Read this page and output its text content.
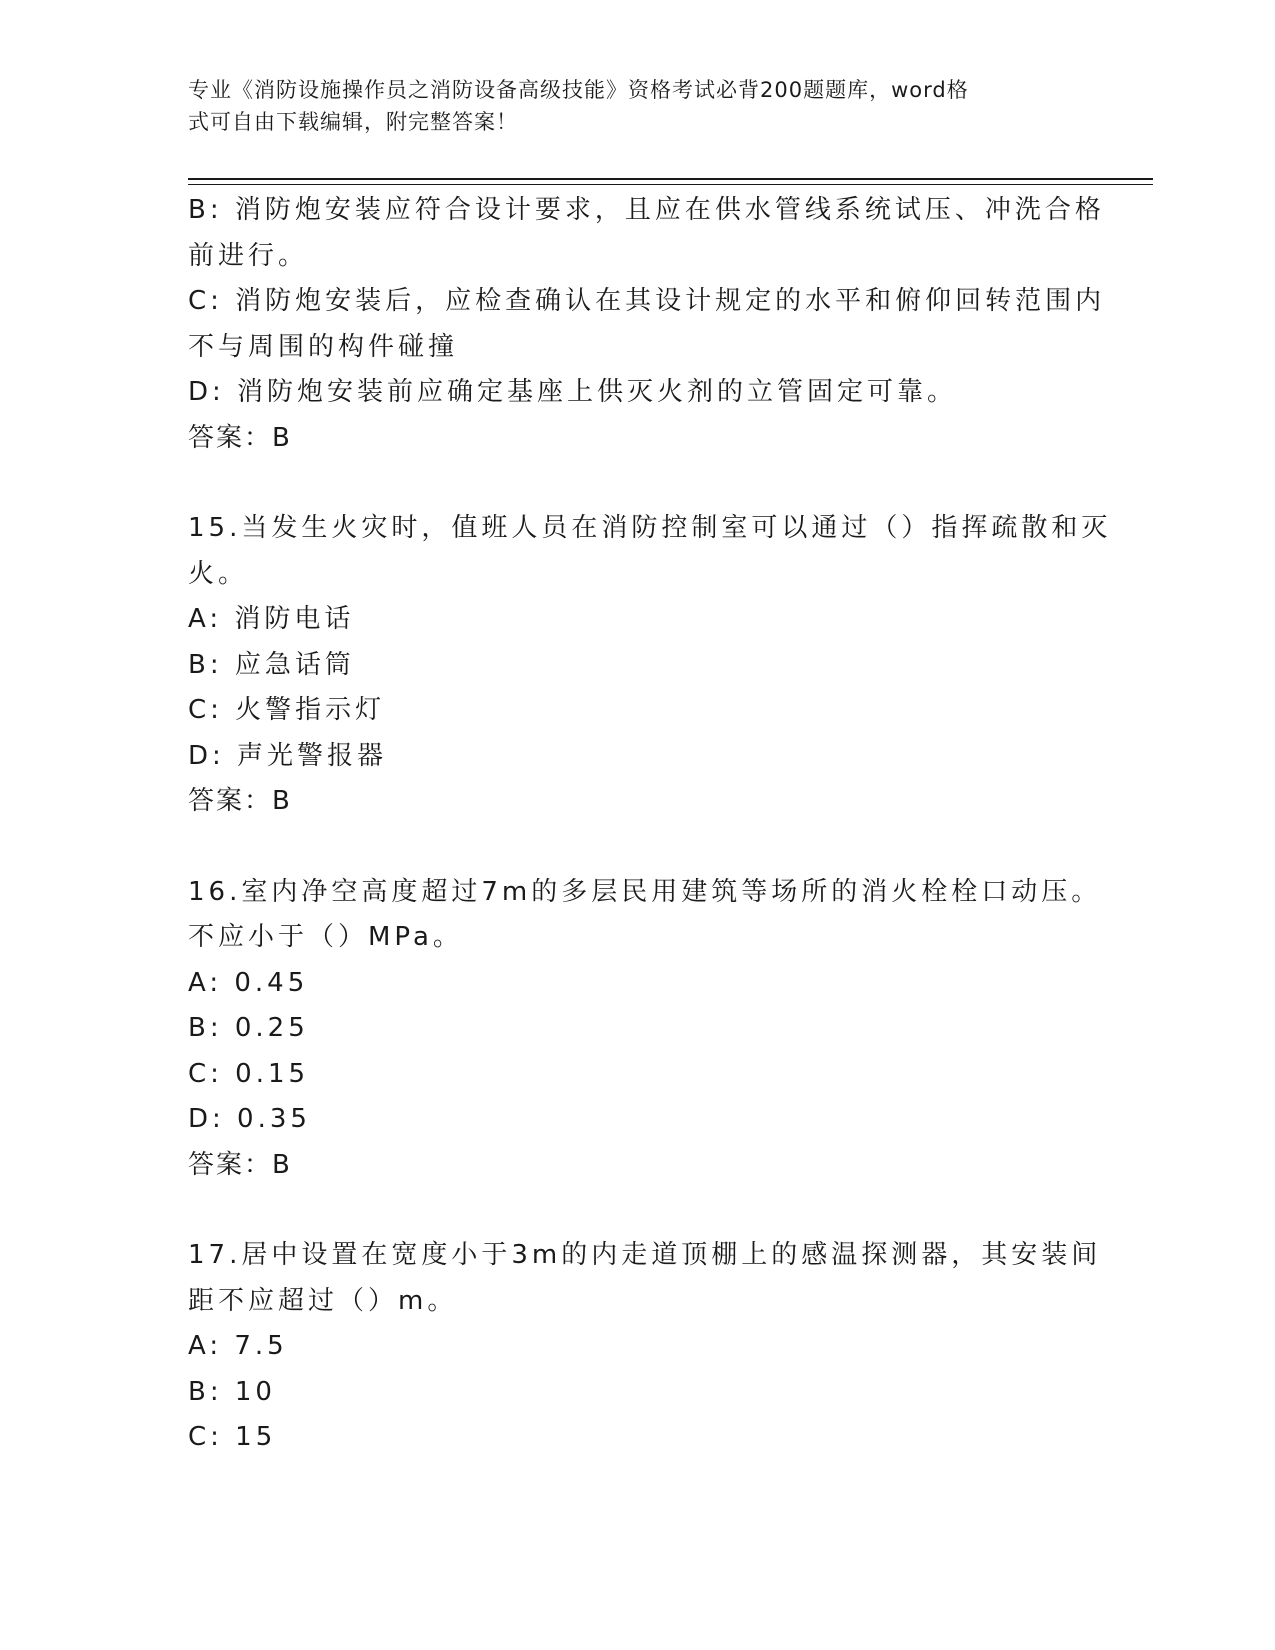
专业《消防设施操作员之消防设备高级技能》资格考试必背200题题库，word格
式可自由下载编辑，附完整答案！
B: 消防炮安装应符合设计要求，且应在供水管线系统试压、冲洗合格
前进行。
C: 消防炮安装后，应检查确认在其设计规定的水平和俯仰回转范围内
不与周围的构件碰撞
D: 消防炮安装前应确定基座上供灭火剂的立管固定可靠。
答案：B
15.当发生火灾时，值班人员在消防控制室可以通过（）指挥疏散和灭
火。
A: 消防电话
B: 应急话筒
C: 火警指示灯
D: 声光警报器
答案：B
16.室内净空高度超过7m的多层民用建筑等场所的消火栓栓口动压。
不应小于（）MPa。
A: 0.45
B: 0.25
C: 0.15
D: 0.35
答案：B
17.居中设置在宽度小于3m的内走道顶棚上的感温探测器，其安装间
距不应超过（）m。
A: 7.5
B: 10
C: 15
